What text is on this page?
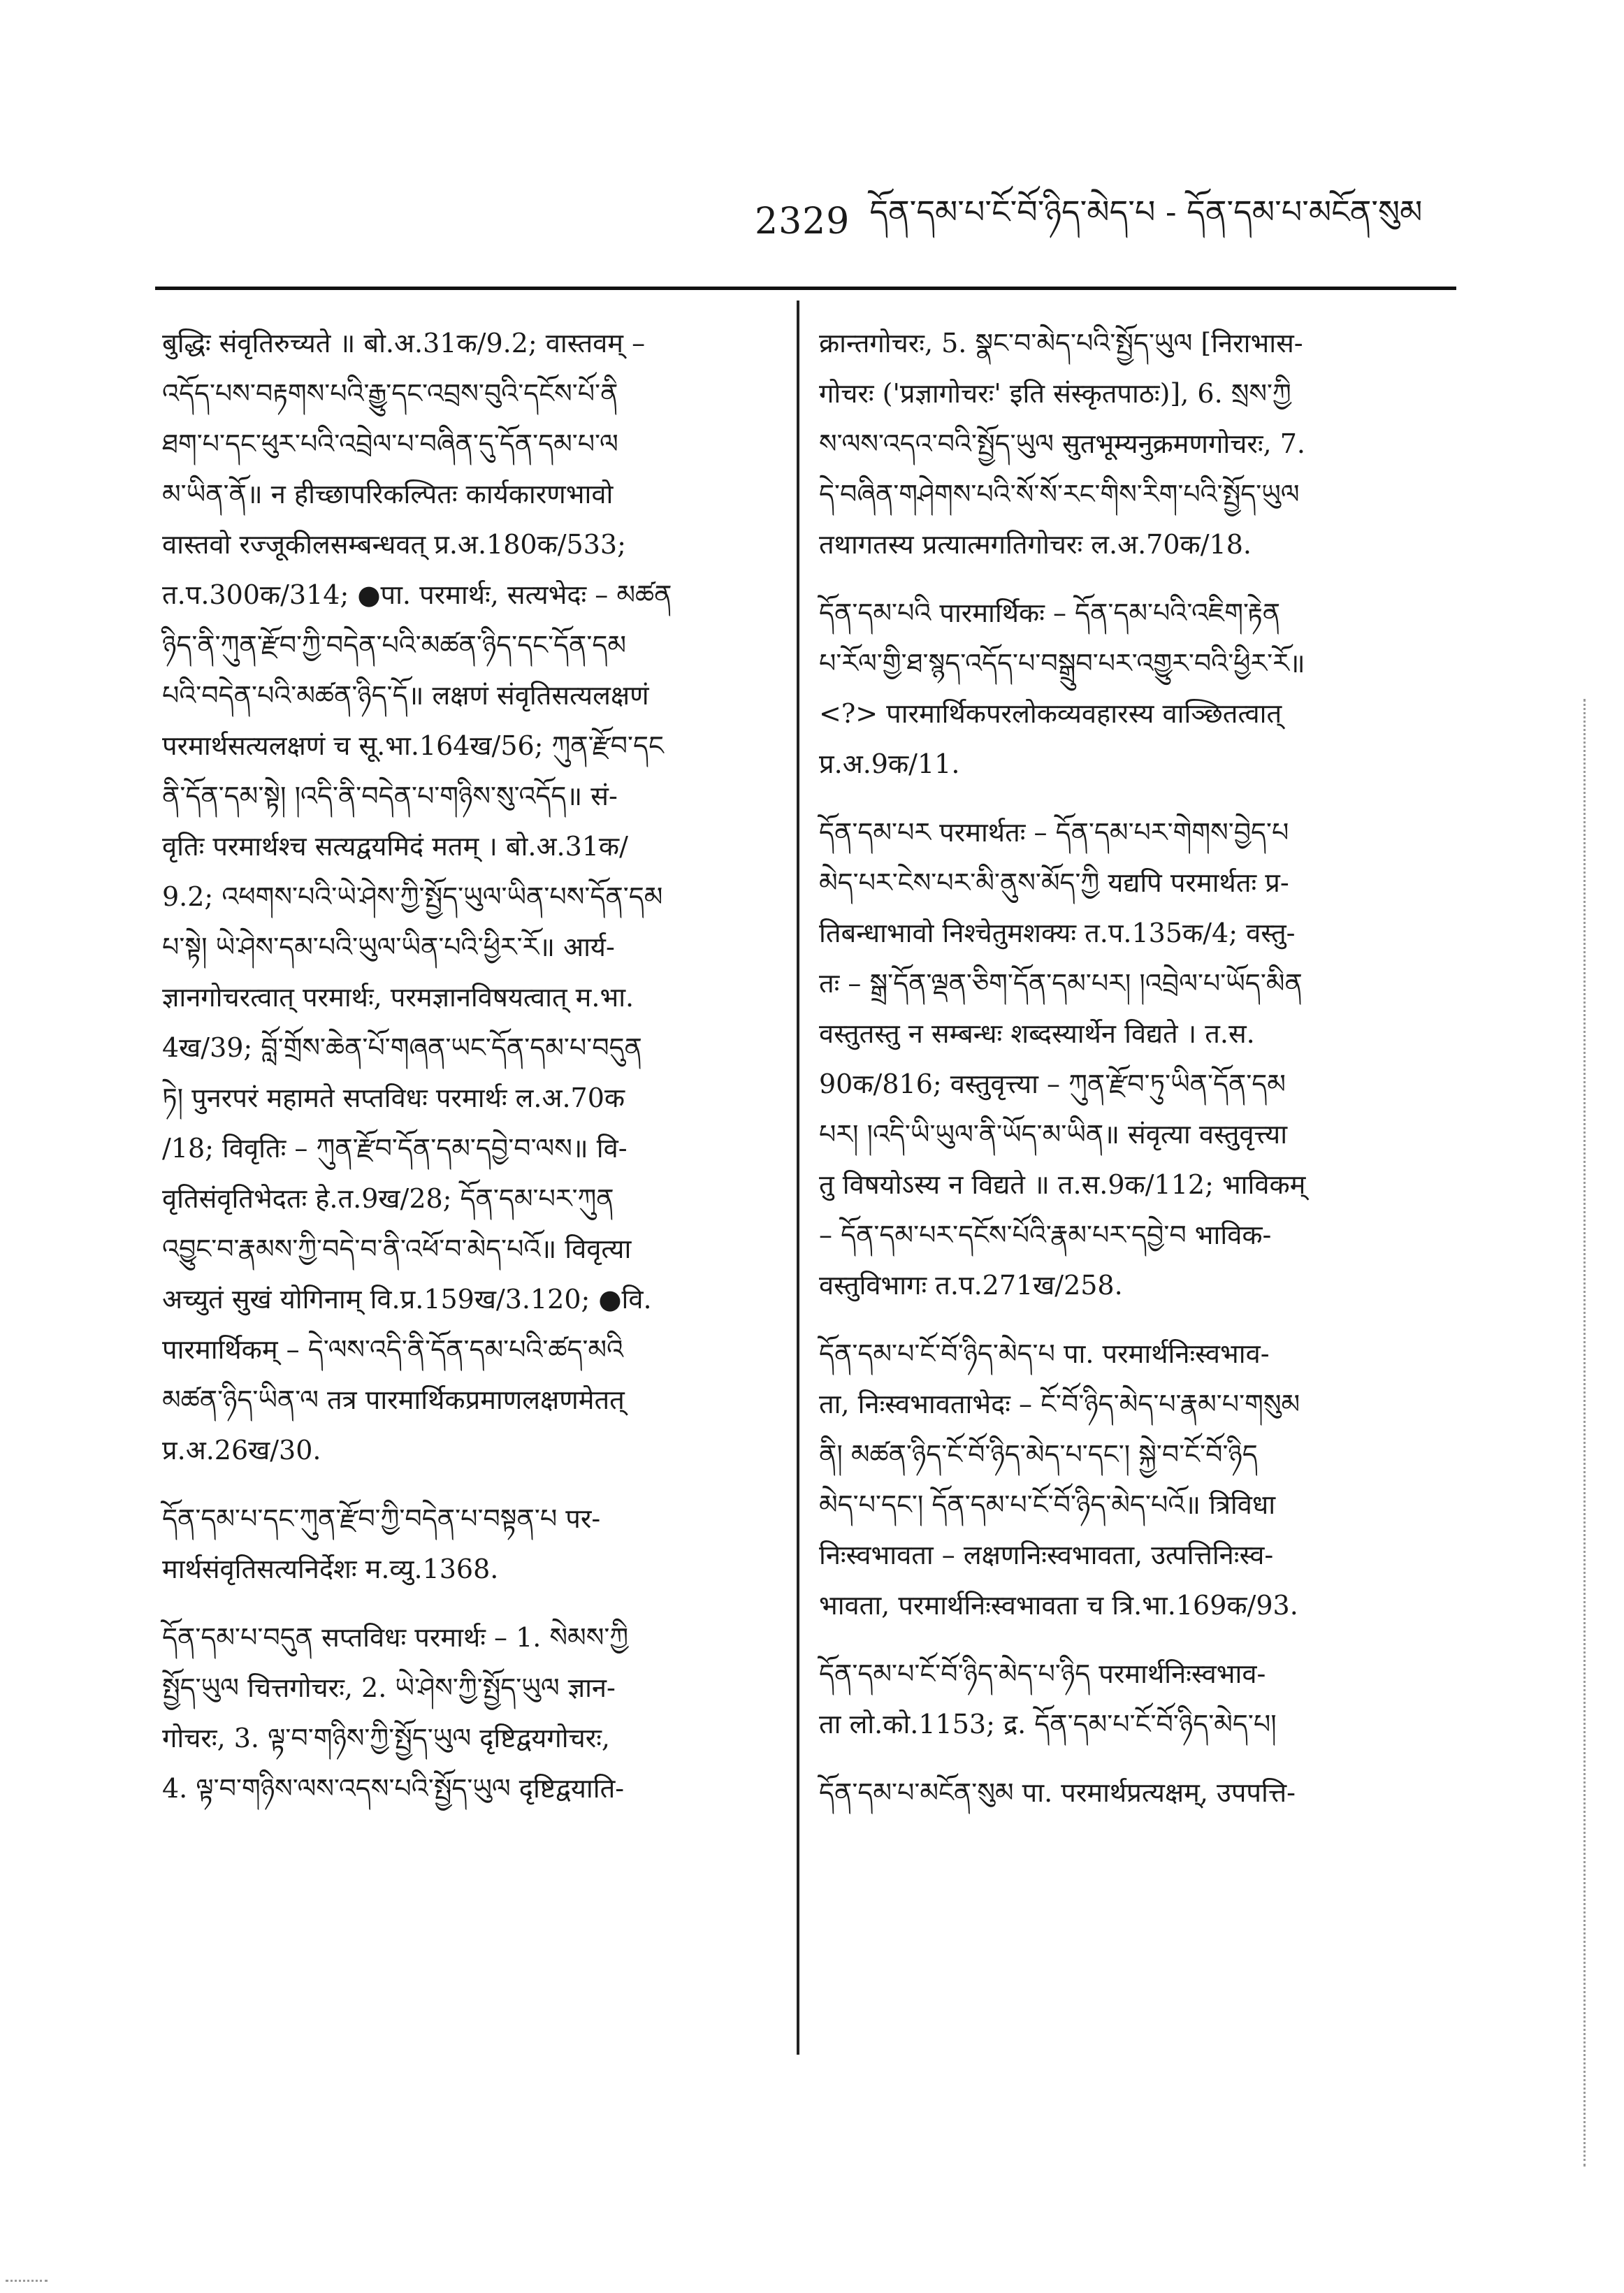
2329 དོན་དམ་པ་ངོ་བོ་ཉིད་མེད་པ - དོན་དམ་པ་མངོན་སུམ
बुद्धिः संवृतिरुच्यते ॥ बो.अ.31क/9.2; वास्तवम् –
འདོད་པས་བརྟགས་པའི་རྒྱུ་དང་འབྲས་བུའི་དངོས་པོ་ནི
ཐག་པ་དང་ཕུར་པའི་འབྲེལ་པ་བཞིན་དུ་དོན་དམ་པ་ལ
མ་ཡིན་ནོ॥ न हीच्छापरिकल्पितः कार्यकारणभावो
वास्तवो रज्जूकीलसम्बन्धवत् प्र.अ.180क/533;
त.प.300क/314; ●पा. परमार्थः, सत्यभेदः – མཚན
ཉིད་ནི་ཀུན་རྫོབ་ཀྱི་བདེན་པའི་མཚན་ཉིད་དང་དོན་དམ
པའི་བདེན་པའི་མཚན་ཉིད་དོ॥ लक्षणं संवृतिसत्यलक्षणं
परमार्थसत्यलक्षणं च सू.भा.164ख/56; ཀུན་རྫོབ་དང
ནི་དོན་དམ་སྟེ། །འདི་ནི་བདེན་པ་གཉིས་སུ་འདོད॥ सं-
वृतिः परमार्थश्च सत्यद्वयमिदं मतम् । बो.अ.31क/
9.2; འཕགས་པའི་ཡེ་ཤེས་ཀྱི་སྤྱོད་ཡུལ་ཡིན་པས་དོན་དམ
པ་སྟེ། ཡེ་ཤེས་དམ་པའི་ཡུལ་ཡིན་པའི་ཕྱིར་རོ॥ आर्य-
ज्ञानगोचरत्वात् परमार्थः, परमज्ञानविषयत्वात् म.भा.
4ख/39; བློ་གྲོས་ཆེན་པོ་གཞན་ཡང་དོན་དམ་པ་བདུན
ཏེ། पुनरपरं महामते सप्तविधः परमार्थः ल.अ.70क
/18; विवृतिः – ཀུན་རྫོབ་དོན་དམ་དབྱེ་བ་ལས॥ वि-
वृतिसंवृतिभेदतः हे.त.9ख/28; དོན་དམ་པར་ཀུན
འབྱུང་བ་རྣམས་ཀྱི་བདེ་བ་ནི་འཕོ་བ་མེད་པའོ॥ विवृत्या
अच्युतं सुखं योगिनाम् वि.प्र.159ख/3.120; ●वि.
पारमार्थिकम् – དེ་ལས་འདི་ནི་དོན་དམ་པའི་ཚད་མའི
མཚན་ཉིད་ཡིན་ལ तत्र पारमार्थिकप्रमाणलक्षणमेतत्
प्र.अ.26ख/30.
དོན་དམ་པ་དང་ཀུན་རྫོབ་ཀྱི་བདེན་པ་བསྟན་པ पर-
मार्थसंवृतिसत्यनिर्देशः म.व्यु.1368.
དོན་དམ་པ་བདུན सप्तविधः परमार्थः – 1. སེམས་ཀྱི
སྤྱོད་ཡུལ चित्तगोचरः, 2. ཡེ་ཤེས་ཀྱི་སྤྱོད་ཡུལ ज्ञान-
गोचरः, 3. ལྟ་བ་གཉིས་ཀྱི་སྤྱོད་ཡུལ दृष्टिद्वयगोचरः,
4. ལྟ་བ་གཉིས་ལས་འདས་པའི་སྤྱོད་ཡུལ दृष्टिद्वयाति-
क्रान्तगोचरः, 5. སྣང་བ་མེད་པའི་སྤྱོད་ཡུལ [निराभास-
गोचरः ('प्रज्ञागोचरः' इति संस्कृतपाठः)], 6. སྲས་ཀྱི
ས་ལས་འདའ་བའི་སྤྱོད་ཡུལ सुतभूम्यनुक्रमणगोचरः, 7.
དེ་བཞིན་གཤེགས་པའི་སོ་སོ་རང་གིས་རིག་པའི་སྤྱོད་ཡུལ
तथागतस्य प्रत्यात्मगतिगोचरः ल.अ.70क/18.
དོན་དམ་པའི पारमार्थिकः – དོན་དམ་པའི་འཇིག་རྟེན
པ་རོལ་གྱི་ཐ་སྙད་འདོད་པ་བསྒྲུབ་པར་འགྱུར་བའི་ཕྱིར་རོ॥
<?> पारमार्थिकपरलोकव्यवहारस्य वाञ्छितत्वात्
प्र.अ.9क/11.
དོན་དམ་པར परमार्थतः – དོན་དམ་པར་གེགས་བྱེད་པ
མེད་པར་ངེས་པར་མི་ནུས་མོད་ཀྱི यद्यपि परमार्थतः प्र-
तिबन्धाभावो निश्चेतुमशक्यः त.प.135क/4; वस्तु-
तः – སྒྲ་དོན་ལྡན་ཅིག་དོན་དམ་པར། །འབྲེལ་པ་ཡོད་མིན
वस्तुतस्तु न सम्बन्धः शब्दस्यार्थेन विद्यते । त.स.
90क/816; वस्तुवृत्त्या – ཀུན་རྫོབ་ཏུ་ཡིན་དོན་དམ
པར། །འདི་ཡི་ཡུལ་ནི་ཡོད་མ་ཡིན॥ संवृत्या वस्तुवृत्त्या
तु विषयोऽस्य न विद्यते ॥ त.स.9क/112; भाविकम्
– དོན་དམ་པར་དངོས་པོའི་རྣམ་པར་དབྱེ་བ भाविक-
वस्तुविभागः त.प.271ख/258.
དོན་དམ་པ་ངོ་བོ་ཉིད་མེད་པ पा. परमार्थनिःस्वभाव-
ता, निःस्वभावताभेदः – ངོ་བོ་ཉིད་མེད་པ་རྣམ་པ་གསུམ
ནི། མཚན་ཉིད་ངོ་བོ་ཉིད་མེད་པ་དང་། སྐྱེ་བ་ངོ་བོ་ཉིད
མེད་པ་དང་། དོན་དམ་པ་ངོ་བོ་ཉིད་མེད་པའོ॥ त्रिविधा
निःस्वभावता – लक्षणनिःस्वभावता, उत्पत्तिनिःस्व-
भावता, परमार्थनिःस्वभावता च त्रि.भा.169क/93.
དོན་དམ་པ་ངོ་བོ་ཉིད་མེད་པ་ཉིད परमार्थनिःस्वभाव-
ता लो.को.1153; द्र. དོན་དམ་པ་ངོ་བོ་ཉིད་མེད་པ།
དོན་དམ་པ་མངོན་སུམ पा. परमार्थप्रत्यक्षम्, उपपत्ति-
